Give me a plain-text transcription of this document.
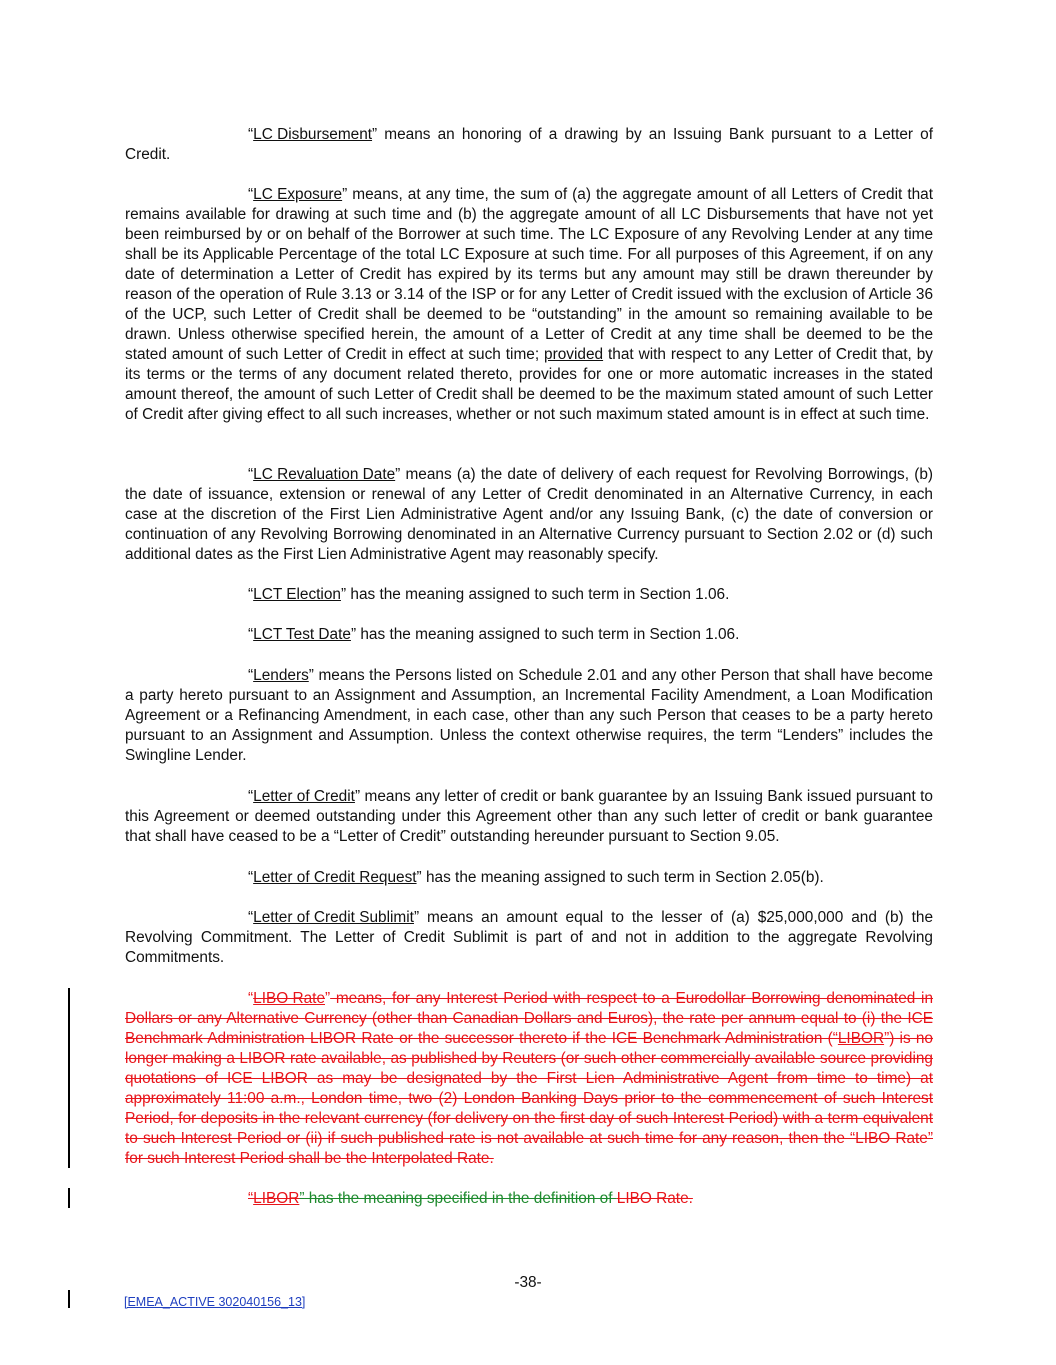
“LC Disbursement” means an honoring of a drawing by an Issuing Bank pursuant to a Letter of Credit.

“LC Exposure” means, at any time, the sum of (a) the aggregate amount of all Letters of Credit that remains available for drawing at such time and (b) the aggregate amount of all LC Disbursements that have not yet been reimbursed by or on behalf of the Borrower at such time. The LC Exposure of any Revolving Lender at any time shall be its Applicable Percentage of the total LC Exposure at such time. For all purposes of this Agreement, if on any date of determination a Letter of Credit has expired by its terms but any amount may still be drawn thereunder by reason of the operation of Rule 3.13 or 3.14 of the ISP or for any Letter of Credit issued with the exclusion of Article 36 of the UCP, such Letter of Credit shall be deemed to be “outstanding” in the amount so remaining available to be drawn. Unless otherwise specified herein, the amount of a Letter of Credit at any time shall be deemed to be the stated amount of such Letter of Credit in effect at such time; provided that with respect to any Letter of Credit that, by its terms or the terms of any document related thereto, provides for one or more automatic increases in the stated amount thereof, the amount of such Letter of Credit shall be deemed to be the maximum stated amount of such Letter of Credit after giving effect to all such increases, whether or not such maximum stated amount is in effect at such time.

“LC Revaluation Date” means (a) the date of delivery of each request for Revolving Borrowings, (b) the date of issuance, extension or renewal of any Letter of Credit denominated in an Alternative Currency, in each case at the discretion of the First Lien Administrative Agent and/or any Issuing Bank, (c) the date of conversion or continuation of any Revolving Borrowing denominated in an Alternative Currency pursuant to Section 2.02 or (d) such additional dates as the First Lien Administrative Agent may reasonably specify.

“LCT Election” has the meaning assigned to such term in Section 1.06.

“LCT Test Date” has the meaning assigned to such term in Section 1.06.

“Lenders” means the Persons listed on Schedule 2.01 and any other Person that shall have become a party hereto pursuant to an Assignment and Assumption, an Incremental Facility Amendment, a Loan Modification Agreement or a Refinancing Amendment, in each case, other than any such Person that ceases to be a party hereto pursuant to an Assignment and Assumption. Unless the context otherwise requires, the term “Lenders” includes the Swingline Lender.

“Letter of Credit” means any letter of credit or bank guarantee by an Issuing Bank issued pursuant to this Agreement or deemed outstanding under this Agreement other than any such letter of credit or bank guarantee that shall have ceased to be a “Letter of Credit” outstanding hereunder pursuant to Section 9.05.

“Letter of Credit Request” has the meaning assigned to such term in Section 2.05(b).

“Letter of Credit Sublimit” means an amount equal to the lesser of (a) $25,000,000 and (b) the Revolving Commitment. The Letter of Credit Sublimit is part of and not in addition to the aggregate Revolving Commitments.

“LIBO Rate” means, for any Interest Period with respect to a Eurodollar Borrowing denominated in Dollars or any Alternative Currency (other than Canadian Dollars and Euros), the rate per annum equal to (i) the ICE Benchmark Administration LIBOR Rate or the successor thereto if the ICE Benchmark Administration (“LIBOR”) is no longer making a LIBOR rate available, as published by Reuters (or such other commercially available source providing quotations of ICE LIBOR as may be designated by the First Lien Administrative Agent from time to time) at approximately 11:00 a.m., London time, two (2) London Banking Days prior to the commencement of such Interest Period, for deposits in the relevant currency (for delivery on the first day of such Interest Period) with a term equivalent to such Interest Period or (ii) if such published rate is not available at such time for any reason, then the “LIBO Rate” for such Interest Period shall be the Interpolated Rate.

“LIBOR” has the meaning specified in the definition of LIBO Rate.

-38-
[EMEA_ACTIVE 302040156_13]
